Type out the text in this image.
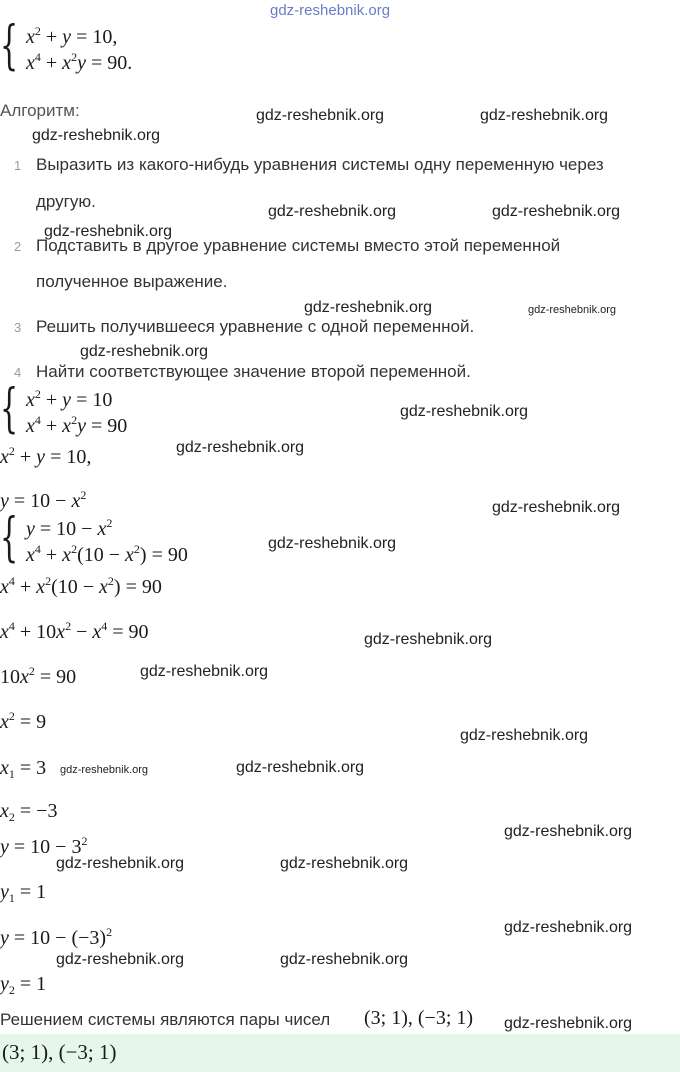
gdz-reshebnik.org
{ $x^2 + y = 10$,
$x^4 + x^2y = 90$.
Алгоритм:	gdz-reshebnik.org	gdz-reshebnik.org
gdz-reshebnik.org
1 Выразить из какого-нибудь уравнения системы одну переменную через
другую.
gdz-reshebnik.org	gdz-reshebnik.org
gdz-reshebnik.org
2 Подставить в другое уравнение системы вместо этой переменной
полученное выражение.
gdz-reshebnik.org	gdz-reshebnik.org
3 Решить получившееся уравнение с одной переменной.
gdz-reshebnik.org
4 Найти соответствующее значение второй переменной.
{ $x^2 + y = 10$
$x^4 + x^2y = 90$
gdz-reshebnik.org
$x^2 + y = 10$,	gdz-reshebnik.org
$y = 10 - x^2$
gdz-reshebnik.org
{ $y = 10 - x^2$
$x^4 + x^2(10 - x^2) = 90$
gdz-reshebnik.org
$x^4 + x^2(10 - x^2) = 90$
$x^4 + 10x^2 - x^4 = 90$	gdz-reshebnik.org
$10x^2 = 90$	gdz-reshebnik.org
$x^2 = 9$
gdz-reshebnik.org
$x_1 = 3$ gdz-reshebnik.org	gdz-reshebnik.org
$x_2 = -3$
$y = 10 - 3^2$
gdz-reshebnik.org
gdz-reshebnik.org	gdz-reshebnik.org
$y_1 = 1$
$y = 10 - (-3)^2$	gdz-reshebnik.org
gdz-reshebnik.org	gdz-reshebnik.org
$y_2 = 1$
Решением системы являются пары чисел (3; 1), (−3; 1) gdz-reshebnik.org
(3; 1), (−3; 1)
